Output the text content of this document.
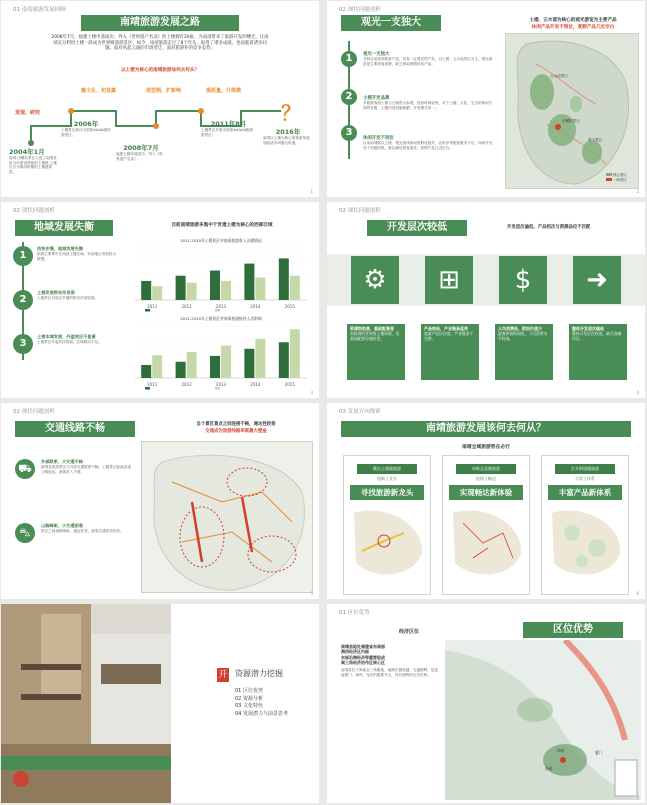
01 南靖旅游发展回顾
南靖旅游发展之路
2008年7月，福建土楼申遗成功，列入《世界遗产名录》的土楼拥有20座，为南靖带来了旅游开发的曙光，让南靖充分利用土楼一跃成为世界级旅游景区。如今，南靖旅游走过了8个年头，取得了诸多成就，也面临着诸多问题。面对风起云涌的市场变迁，面对旅游业的竞争态势，
以土楼为核心的南靖旅游该何去何从？
发现、研究
魅文化、初显露	混型期，扩影响	提质量，升规模
？
2004年1月
南靖·田螺坑景区入选了南靖首批为可建设资源的土楼群,土楼区分为明清时期的土楼建筑群。
2006年
土楼景区被评为国家AAAA级旅游景区。
2008年7月
福建土楼申遗成功，列入《世界遗产名录》。
2011年8月
土楼景区升级为国家AAAAA级旅游景区。	2016年
南靖以土楼为核心的旅游发展面临诸多问题与机遇。
1
02 现状问题剖析
观光一支独大	土楼、云水谣为核心的观光游览为主要产品
休闲产品开发不到位，度假产品几近空白
1	观光一支独大
分析目前南靖旅游产品，具有一定观光型产品，以土楼、云水谣景区为主，观光游览是主要游客消费，缺乏休闲度假体验产品。
2	土楼开发品牌
多数游客游土楼与古镇景点参观，逗留时间较短，对于土楼、文化、生态的休闲方面的有限，土楼内部设施简陋，开发模式单一。
3
休闲开发不到位
目前南靖除以土楼、观光游线休闲度假设施外，农家乐等配套服务不足，休闲开发处于初级阶段，难以满足游客需求，度假产品几近空白。
田螺坑景区
云水谣景区
塔下景区
核心景区
一般景区
2
02 现状问题剖析
地域发展失衡	目前南靖旅游多集中于世遗土楼为核心的西部区域
1
西快东慢，地域发展失衡
旅游主要集中在西部土楼区域，东部地区发展较为缓慢。
2
土楼发展带动作用弱
土楼景区对周边乡镇的带动作用较弱。
3
土楼本域发展，外溢效应不显著
土楼景区外溢效应较弱，区域联动不足。
2011-2015年土楼景区对南靖旅游收入贡献情况
2011	2012	2013	2014	2015
2011-2015年土楼景区对南靖旅游接待人次影响
2011	2012	2013	2014	2015
3
02 现状问题剖析
开发层次较低	开发层次偏低，产品档次与资源品位不匹配
⚙	⊞	$	➜
资源级较高，基础配套差
南靖拥有世界级土楼资源，但基础配套设施较差。
产品较低，产业链条延伸
旅游产品层次低，产业链条不完善。
人均消费低，附加价值少
游客停留时间短，人均消费水平较低。
整体开发层次偏低
整体开发层次较低，缺乏高端项目。
4
02 现状问题剖析
交通线路不畅	自个景区景点之间连接不畅，通达性较差
交通成为旅游线路串联最大壁垒
⛟
外部联系，大交通不畅
南靖县旅游景区与外部交通联系不畅，土楼景区距离高速公路较远，游客进入不便。
⛍
山路崎岖，小交通困难
景区之间道路崎岖，通达性差，游客交通体验较差。
5
03 发展方向探索
南靖旅游发展该何去何从？
南靖全域旅游势在必行
跳出土楼做旅游
创新 | 龙头
寻找旅游新龙头
串联全县做旅游
连线 | 畅达
实现畅达新体验
打开围墙做旅游
丰富 | 体系
丰富产品新体系
6
开 资源潜力挖掘
01 区位优势
02 资源分析
03 文化特色
04 发展潜力与前景思考
01 区位优势
区位优势
经济区位
南靖县地处福建省东南部
海西经济区内部
东部沿海经济带重要组成
闽三角经济协作区核心区
南靖县位于闽南金三角腹地，地理位置优越，交通便利，是连接厦门、漳州、龙岩的重要节点，具有独特的区位优势。
厦门
漳州
南靖
8
